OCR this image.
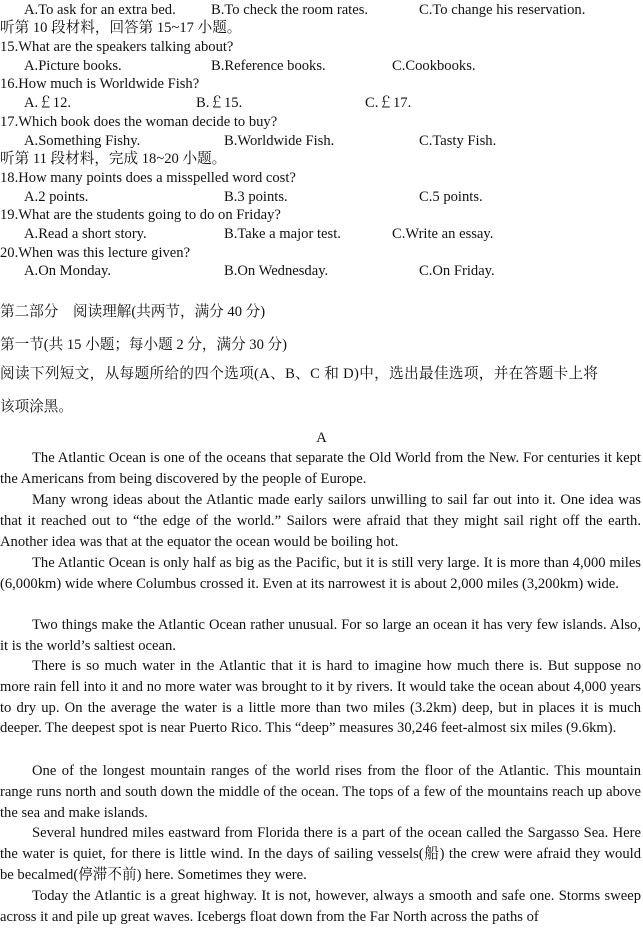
A.To ask for an extra bed. B.To check the room rates.	C.To change his reservation.
听第 10 段材料，回答第 15~17 小题。
15.What are the speakers talking about?
A.Picture books.	B.Reference books.	C.Cookbooks.
16.How much is Worldwide Fish?
A.￡12.	B.￡15.	C.￡17.
17.Which book does the woman decide to buy?
A.Something Fishy.	B.Worldwide Fish.	C.Tasty Fish.
听第 11 段材料，完成 18~20 小题。
18.How many points does a misspelled word cost?
A.2 points.	B.3 points.	C.5 points.
19.What are the students going to do on Friday?
A.Read a short story.	B.Take a major test.	C.Write an essay.
20.When was this lecture given?
A.On Monday.	B.On Wednesday.	C.On Friday.
第二部分　阅读理解(共两节，满分 40 分)
第一节(共 15 小题；每小题 2 分，满分 30 分)
阅读下列短文，从每题所给的四个选项(A、B、C 和 D)中，选出最佳选项，并在答题卡上将
该项涂黑。
A
The Atlantic Ocean is one of the oceans that separate the Old World from the New. For centuries it kept the Americans from being discovered by the people of Europe.
Many wrong ideas about the Atlantic made early sailors unwilling to sail far out into it. One idea was that it reached out to “the edge of the world.” Sailors were afraid that they might sail right off the earth. Another idea was that at the equator the ocean would be boiling hot.
The Atlantic Ocean is only half as big as the Pacific, but it is still very large. It is more than 4,000 miles (6,000km) wide where Columbus crossed it. Even at its narrowest it is about 2,000 miles (3,200km) wide.
Two things make the Atlantic Ocean rather unusual. For so large an ocean it has very few islands. Also, it is the world’s saltiest ocean.
There is so much water in the Atlantic that it is hard to imagine how much there is. But suppose no more rain fell into it and no more water was brought to it by rivers. It would take the ocean about 4,000 years to dry up. On the average the water is a little more than two miles (3.2km) deep, but in places it is much deeper. The deepest spot is near Puerto Rico. This “deep” measures 30,246 feet-almost six miles (9.6km).
One of the longest mountain ranges of the world rises from the floor of the Atlantic. This mountain range runs north and south down the middle of the ocean. The tops of a few of the mountains reach up above the sea and make islands.
Several hundred miles eastward from Florida there is a part of the ocean called the Sargasso Sea. Here the water is quiet, for there is little wind. In the days of sailing vessels(船) the crew were afraid they would be becalmed(停滞不前) here. Sometimes they were.
Today the Atlantic is a great highway. It is not, however, always a smooth and safe one. Storms sweep across it and pile up great waves. Icebergs float down from the Far North across the paths of
